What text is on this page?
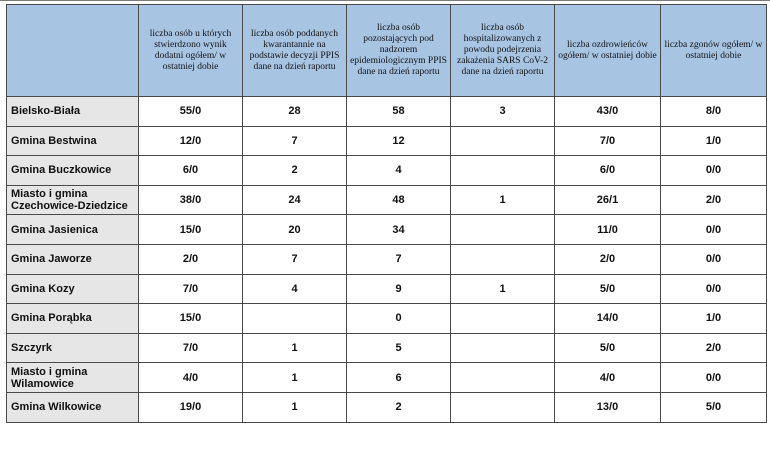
	liczba osób u których stwierdzono wynik dodatni ogółem/ w ostatniej dobie	liczba osób poddanych kwarantannie na podstawie decyzji PPIS dane na dzień raportu	liczba osób pozostających pod nadzorem epidemiologicznym PPIS dane na dzień raportu	liczba osób hospitalizowanych z powodu podejrzenia zakażenia SARS CoV-2 dane na dzień raportu	liczba ozdrowieńców ogółem/ w ostatniej dobie	liczba zgonów ogółem/ w ostatniej dobie
Bielsko-Biała	55/0	28	58	3	43/0	8/0
Gmina Bestwina	12/0	7	12		7/0	1/0
Gmina Buczkowice	6/0	2	4		6/0	0/0
Miasto i gmina Czechowice-Dziedzice	38/0	24	48	1	26/1	2/0
Gmina Jasienica	15/0	20	34		11/0	0/0
Gmina Jaworze	2/0	7	7		2/0	0/0
Gmina Kozy	7/0	4	9	1	5/0	0/0
Gmina Porąbka	15/0		0		14/0	1/0
Szczyrk	7/0	1	5		5/0	2/0
Miasto i gmina Wilamowice	4/0	1	6		4/0	0/0
Gmina Wilkowice	19/0	1	2		13/0	5/0
